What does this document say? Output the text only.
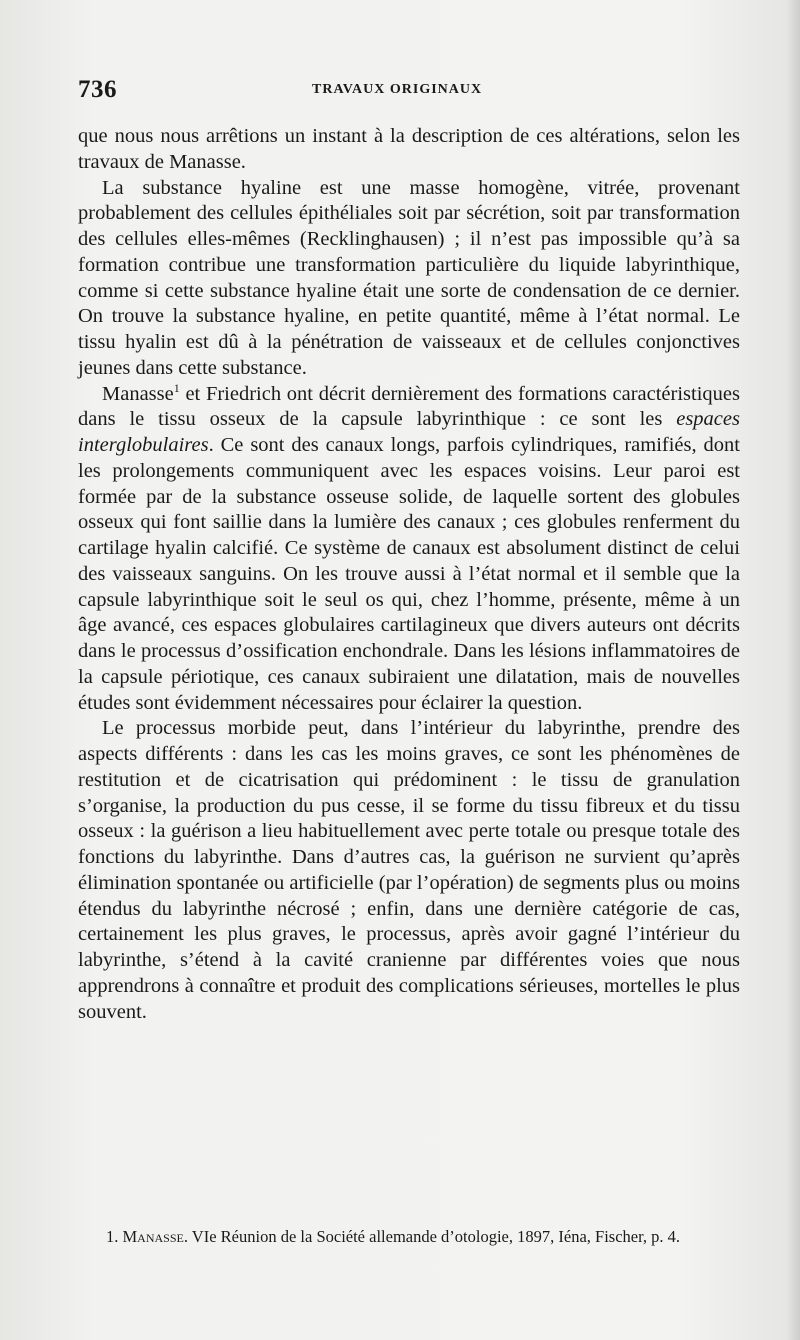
736	TRAVAUX ORIGINAUX

que nous nous arrêtions un instant à la description de ces altérations, selon les travaux de Manasse.

La substance hyaline est une masse homogène, vitrée, provenant probablement des cellules épithéliales soit par sécrétion, soit par transformation des cellules elles-mêmes (Recklinghausen) ; il n’est pas impossible qu’à sa formation contribue une transformation particulière du liquide labyrinthique, comme si cette substance hyaline était une sorte de condensation de ce dernier. On trouve la substance hyaline, en petite quantité, même à l’état normal. Le tissu hyalin est dû à la pénétration de vaisseaux et de cellules conjonctives jeunes dans cette substance.

Manasse$^1$ et Friedrich ont décrit dernièrement des formations caractéristiques dans le tissu osseux de la capsule labyrinthique : ce sont les espaces interglobulaires. Ce sont des canaux longs, parfois cylindriques, ramifiés, dont les prolongements communiquent avec les espaces voisins. Leur paroi est formée par de la substance osseuse solide, de laquelle sortent des globules osseux qui font saillie dans la lumière des canaux ; ces globules renferment du cartilage hyalin calcifié. Ce système de canaux est absolument distinct de celui des vaisseaux sanguins. On les trouve aussi à l’état normal et il semble que la capsule labyrinthique soit le seul os qui, chez l’homme, présente, même à un âge avancé, ces espaces globulaires cartilagineux que divers auteurs ont décrits dans le processus d’ossification enchondrale. Dans les lésions inflammatoires de la capsule périotique, ces canaux subiraient une dilatation, mais de nouvelles études sont évidemment nécessaires pour éclairer la question.

Le processus morbide peut, dans l’intérieur du labyrinthe, prendre des aspects différents : dans les cas les moins graves, ce sont les phénomènes de restitution et de cicatrisation qui prédominent : le tissu de granulation s’organise, la production du pus cesse, il se forme du tissu fibreux et du tissu osseux : la guérison a lieu habituellement avec perte totale ou presque totale des fonctions du labyrinthe. Dans d’autres cas, la guérison ne survient qu’après élimination spontanée ou artificielle (par l’opération) de segments plus ou moins étendus du labyrinthe nécrosé ; enfin, dans une dernière catégorie de cas, certainement les plus graves, le processus, après avoir gagné l’intérieur du labyrinthe, s’étend à la cavité cranienne par différentes voies que nous apprendrons à connaître et produit des complications sérieuses, mortelles le plus souvent.

1. Manasse. VIe Réunion de la Société allemande d’otologie, 1897, Iéna, Fischer, p. 4.
